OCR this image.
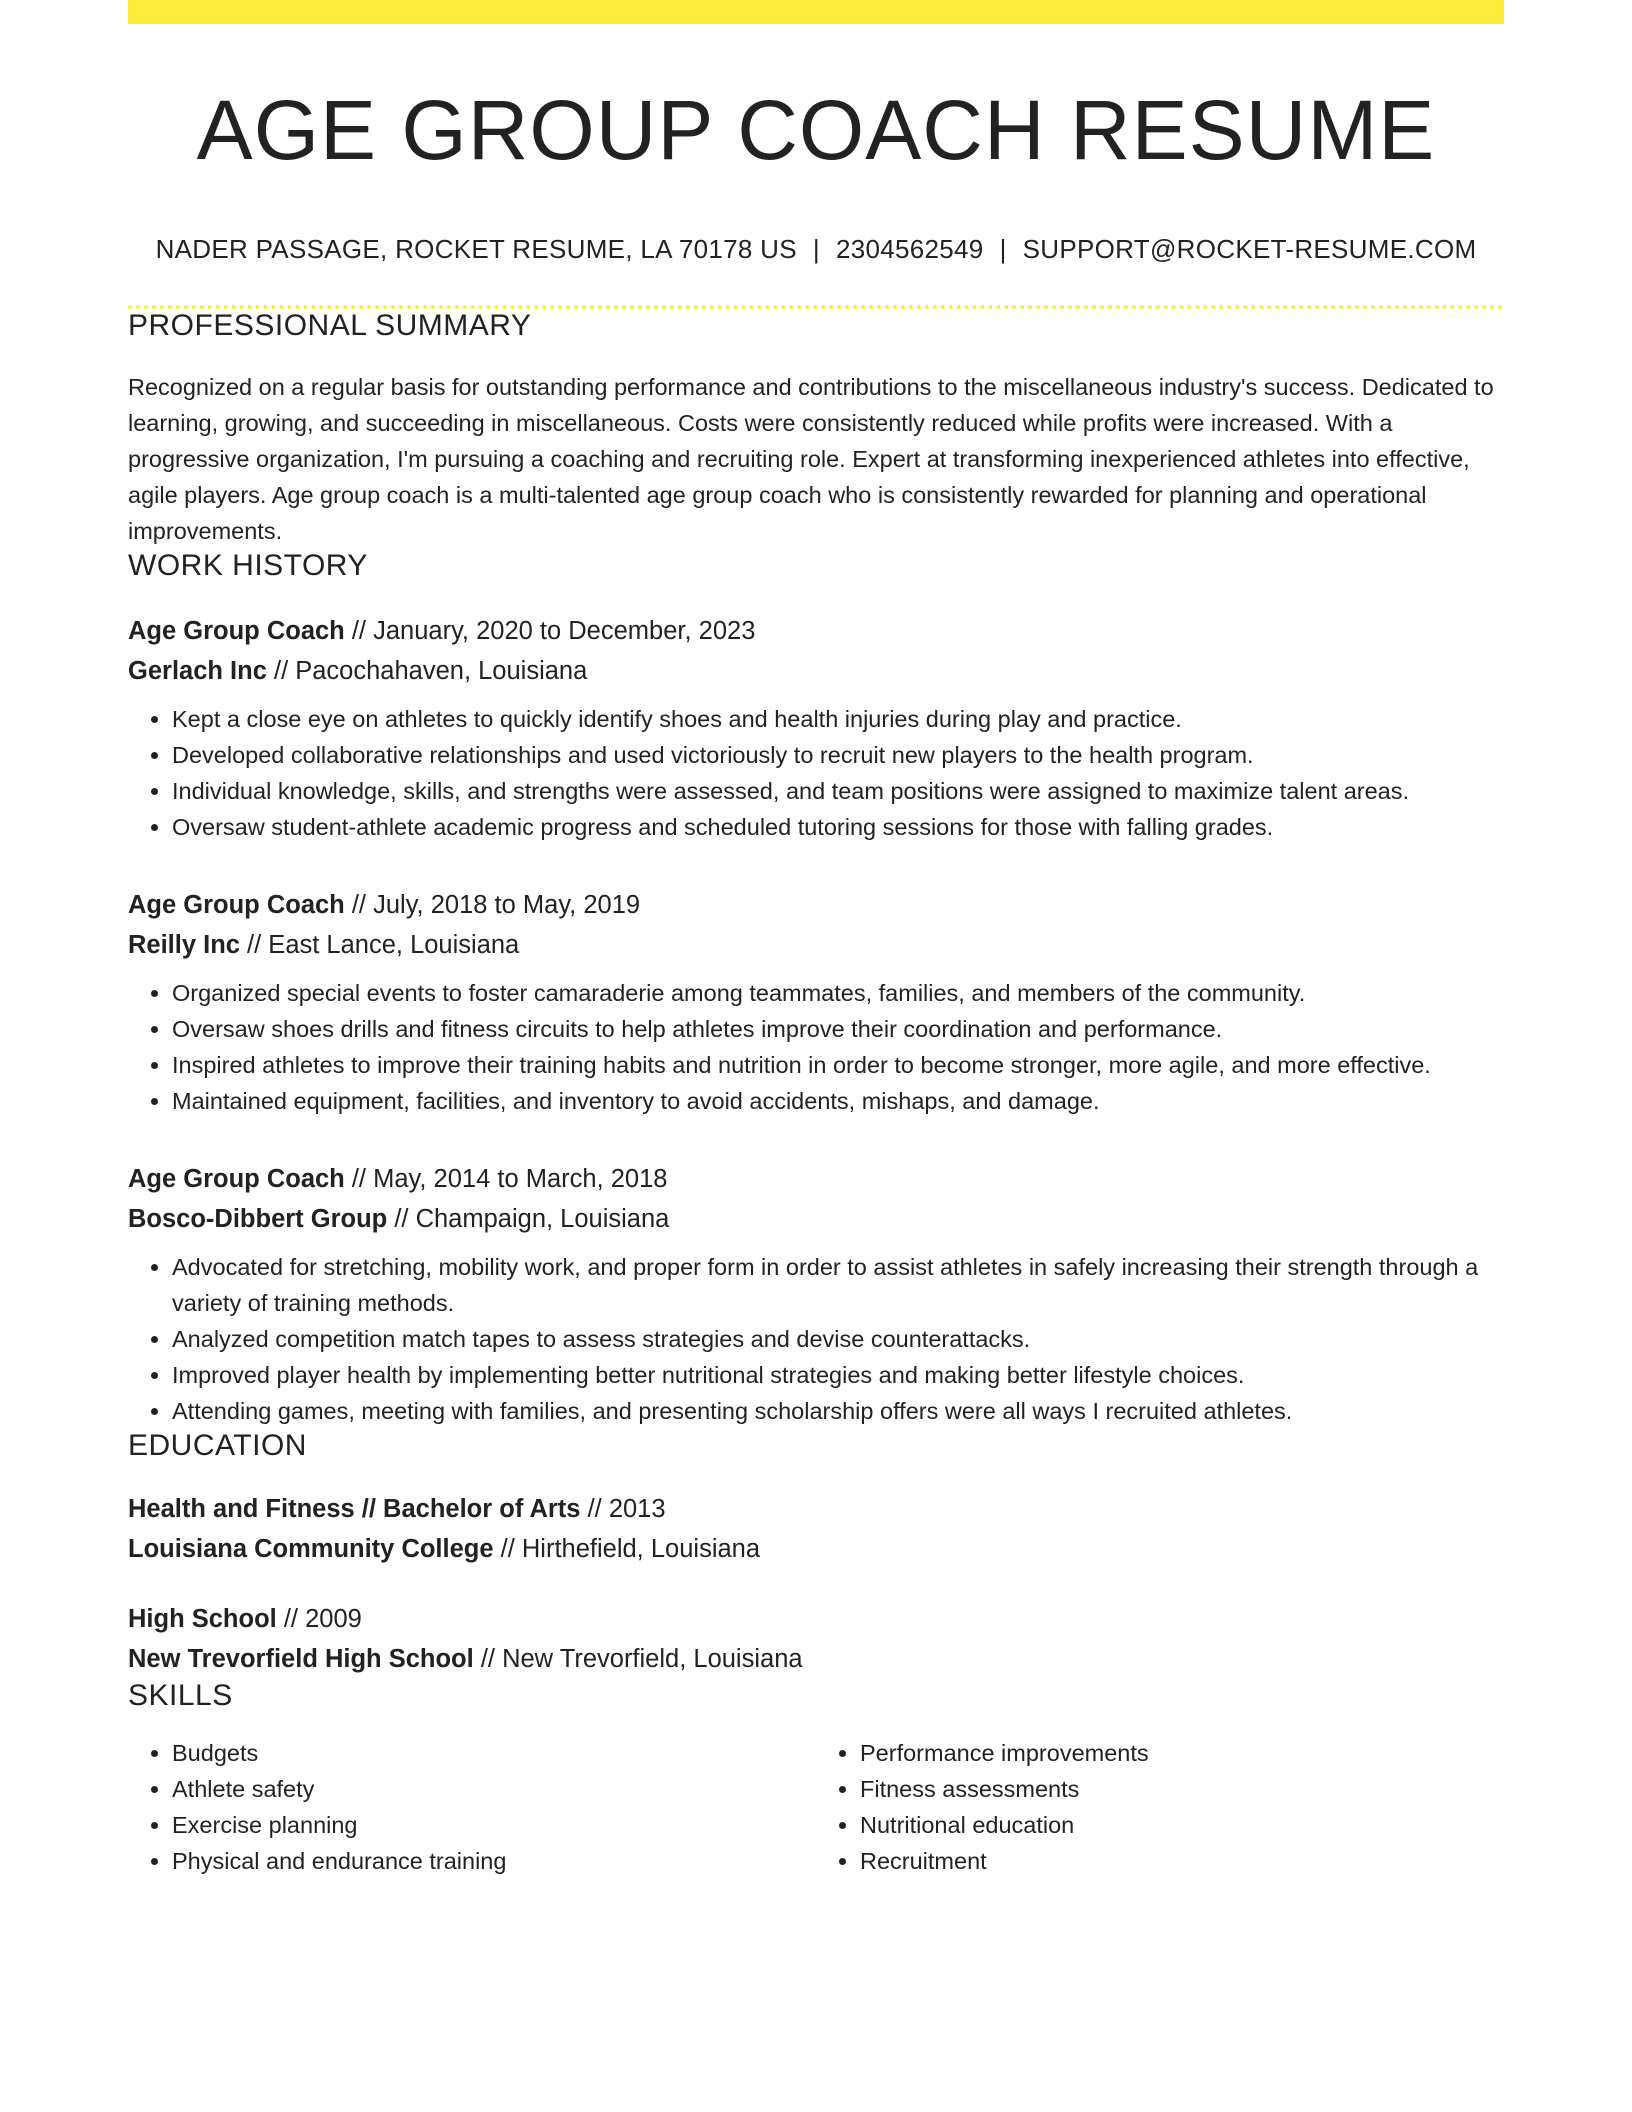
AGE GROUP COACH RESUME
NADER PASSAGE, ROCKET RESUME, LA 70178 US | 2304562549 | SUPPORT@ROCKET-RESUME.COM
PROFESSIONAL SUMMARY

Recognized on a regular basis for outstanding performance and contributions to the miscellaneous industry's success. Dedicated to learning, growing, and succeeding in miscellaneous. Costs were consistently reduced while profits were increased. With a progressive organization, I'm pursuing a coaching and recruiting role. Expert at transforming inexperienced athletes into effective, agile players. Age group coach is a multi-talented age group coach who is consistently rewarded for planning and operational improvements.

WORK HISTORY
Age Group Coach // January, 2020 to December, 2023
Gerlach Inc // Pacochahaven, Louisiana
• Kept a close eye on athletes to quickly identify shoes and health injuries during play and practice.
• Developed collaborative relationships and used victoriously to recruit new players to the health program.
• Individual knowledge, skills, and strengths were assessed, and team positions were assigned to maximize talent areas.
• Oversaw student-athlete academic progress and scheduled tutoring sessions for those with falling grades.
Age Group Coach // July, 2018 to May, 2019
Reilly Inc // East Lance, Louisiana
• Organized special events to foster camaraderie among teammates, families, and members of the community.
• Oversaw shoes drills and fitness circuits to help athletes improve their coordination and performance.
• Inspired athletes to improve their training habits and nutrition in order to become stronger, more agile, and more effective.
• Maintained equipment, facilities, and inventory to avoid accidents, mishaps, and damage.
Age Group Coach // May, 2014 to March, 2018
Bosco-Dibbert Group // Champaign, Louisiana
• Advocated for stretching, mobility work, and proper form in order to assist athletes in safely increasing their strength through a variety of training methods.
• Analyzed competition match tapes to assess strategies and devise counterattacks.
• Improved player health by implementing better nutritional strategies and making better lifestyle choices.
• Attending games, meeting with families, and presenting scholarship offers were all ways I recruited athletes.
EDUCATION
Health and Fitness // Bachelor of Arts // 2013
Louisiana Community College // Hirthefield, Louisiana
High School // 2009
New Trevorfield High School // New Trevorfield, Louisiana
SKILLS
• Budgets
• Athlete safety
• Exercise planning
• Physical and endurance training
• Performance improvements
• Fitness assessments
• Nutritional education
• Recruitment
